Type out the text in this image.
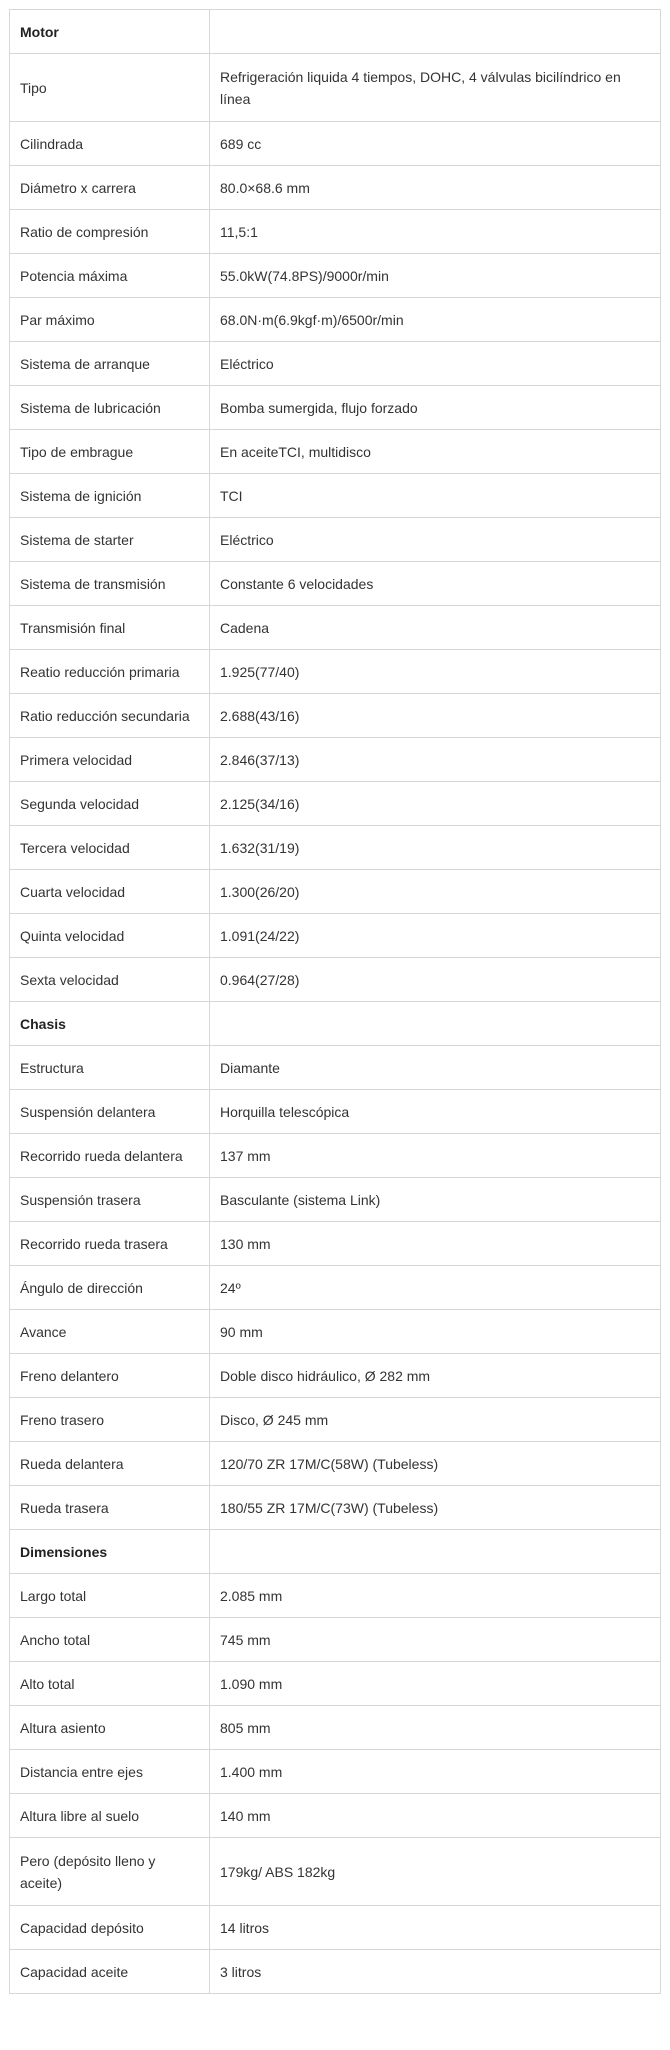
Motor	
Tipo	Refrigeración liquida 4 tiempos, DOHC, 4 válvulas bicilíndrico en línea
Cilindrada	689 cc
Diámetro x carrera	80.0×68.6 mm
Ratio de compresión	11,5:1
Potencia máxima	55.0kW(74.8PS)/9000r/min
Par máximo	68.0N·m(6.9kgf·m)/6500r/min
Sistema de arranque	Eléctrico
Sistema de lubricación	Bomba sumergida, flujo forzado
Tipo de embrague	En aceiteTCI, multidisco
Sistema de ignición	TCI
Sistema de starter	Eléctrico
Sistema de transmisión	Constante 6 velocidades
Transmisión final	Cadena
Reatio reducción primaria	1.925(77/40)
Ratio reducción secundaria	2.688(43/16)
Primera velocidad	2.846(37/13)
Segunda velocidad	2.125(34/16)
Tercera velocidad	1.632(31/19)
Cuarta velocidad	1.300(26/20)
Quinta velocidad	1.091(24/22)
Sexta velocidad	0.964(27/28)
Chasis	
Estructura	Diamante
Suspensión delantera	Horquilla telescópica
Recorrido rueda delantera	137 mm
Suspensión trasera	Basculante (sistema Link)
Recorrido rueda trasera	130 mm
Ángulo de dirección	24º
Avance	90 mm
Freno delantero	Doble disco hidráulico, Ø 282 mm
Freno trasero	Disco, Ø 245 mm
Rueda delantera	120/70 ZR 17M/C(58W) (Tubeless)
Rueda trasera	180/55 ZR 17M/C(73W) (Tubeless)
Dimensiones	
Largo total	2.085 mm
Ancho total	745 mm
Alto total	1.090 mm
Altura asiento	805 mm
Distancia entre ejes	1.400 mm
Altura libre al suelo	140 mm
Pero (depósito lleno y aceite)	179kg/ ABS 182kg
Capacidad depósito	14 litros
Capacidad aceite	3 litros
